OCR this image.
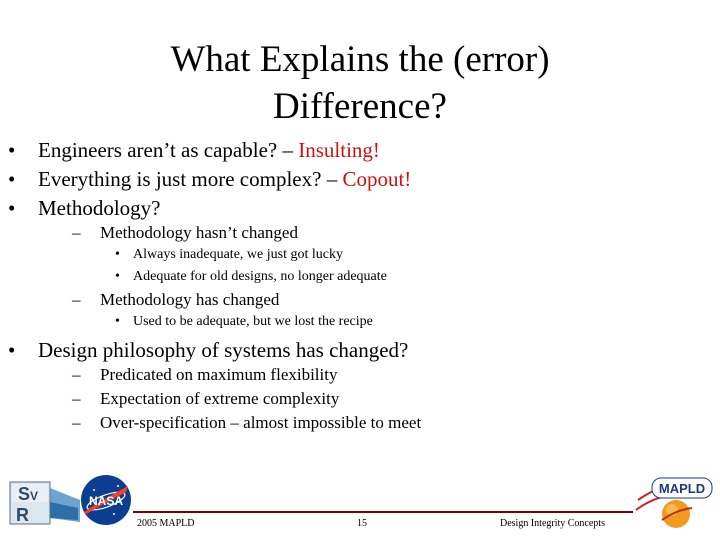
What Explains the (error) Difference?
• Engineers aren’t as capable? – Insulting!
• Everything is just more complex? – Copout!
• Methodology?
– Methodology hasn’t changed
• Always inadequate, we just got lucky
• Adequate for old designs, no longer adequate
– Methodology has changed
• Used to be adequate, but we lost the recipe
• Design philosophy of systems has changed?
– Predicated on maximum flexibility
– Expectation of extreme complexity
– Over-specification – almost impossible to meet
S V
R
NASA
2005 MAPLD	15	Design Integrity Concepts
MAPLD
